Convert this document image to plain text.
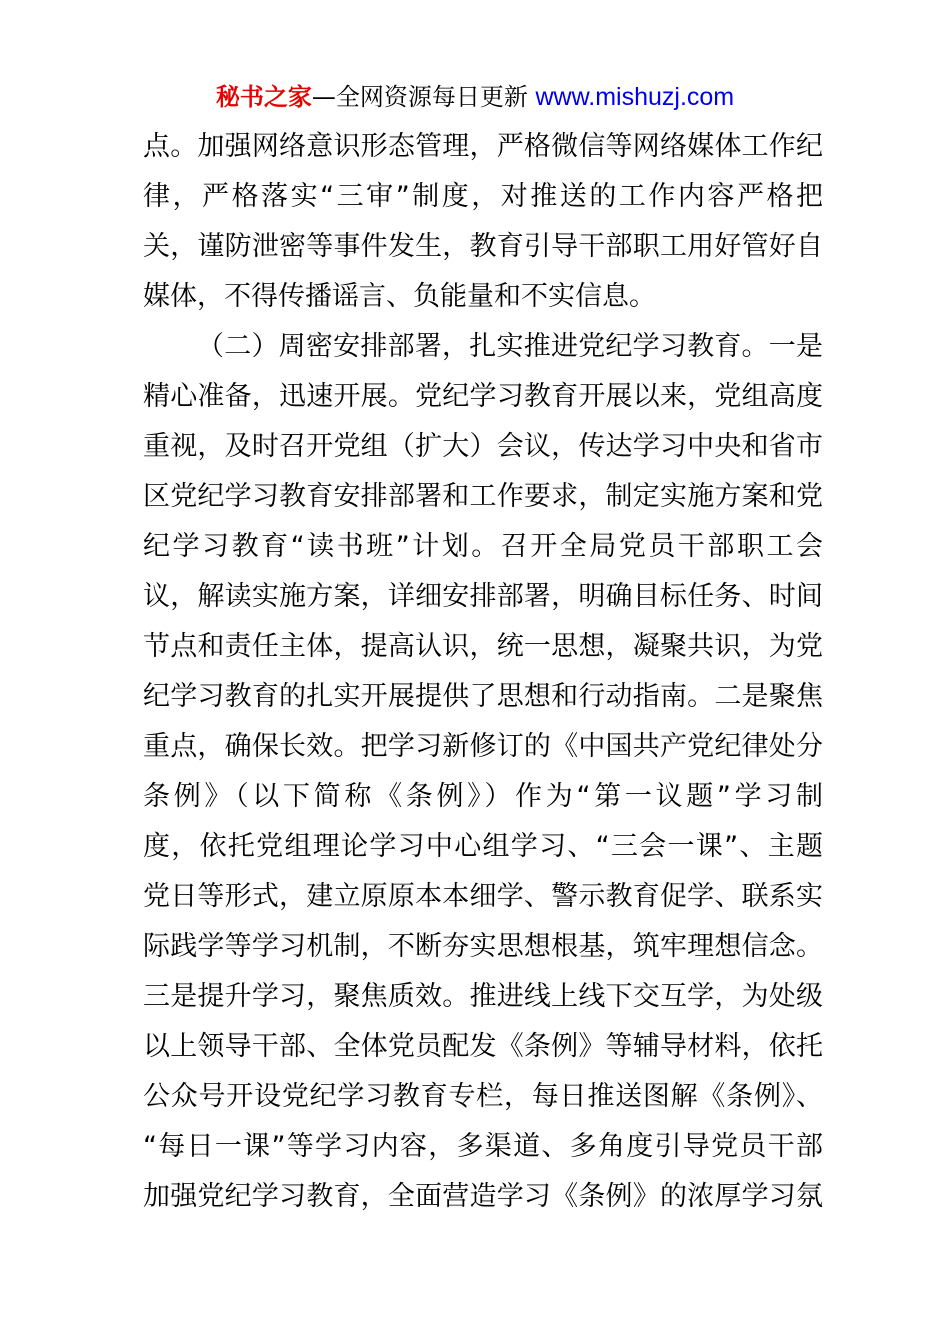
秘书之家—全网资源每日更新 www.mishuzj.com
点。加强网络意识形态管理，严格微信等网络媒体工作纪
律，严格落实“三审”制度，对推送的工作内容严格把
关，谨防泄密等事件发生，教育引导干部职工用好管好自
媒体，不得传播谣言、负能量和不实信息。
（二）周密安排部署，扎实推进党纪学习教育。一是
精心准备，迅速开展。党纪学习教育开展以来，党组高度
重视，及时召开党组（扩大）会议，传达学习中央和省市
区党纪学习教育安排部署和工作要求，制定实施方案和党
纪学习教育“读书班”计划。召开全局党员干部职工会
议，解读实施方案，详细安排部署，明确目标任务、时间
节点和责任主体，提高认识，统一思想，凝聚共识，为党
纪学习教育的扎实开展提供了思想和行动指南。二是聚焦
重点，确保长效。把学习新修订的《中国共产党纪律处分
条例》（以下简称《条例》）作为“第一议题”学习制
度，依托党组理论学习中心组学习、“三会一课”、主题
党日等形式，建立原原本本细学、警示教育促学、联系实
际践学等学习机制，不断夯实思想根基，筑牢理想信念。
三是提升学习，聚焦质效。推进线上线下交互学，为处级
以上领导干部、全体党员配发《条例》等辅导材料，依托
公众号开设党纪学习教育专栏，每日推送图解《条例》、
“每日一课”等学习内容，多渠道、多角度引导党员干部
加强党纪学习教育，全面营造学习《条例》的浓厚学习氛
